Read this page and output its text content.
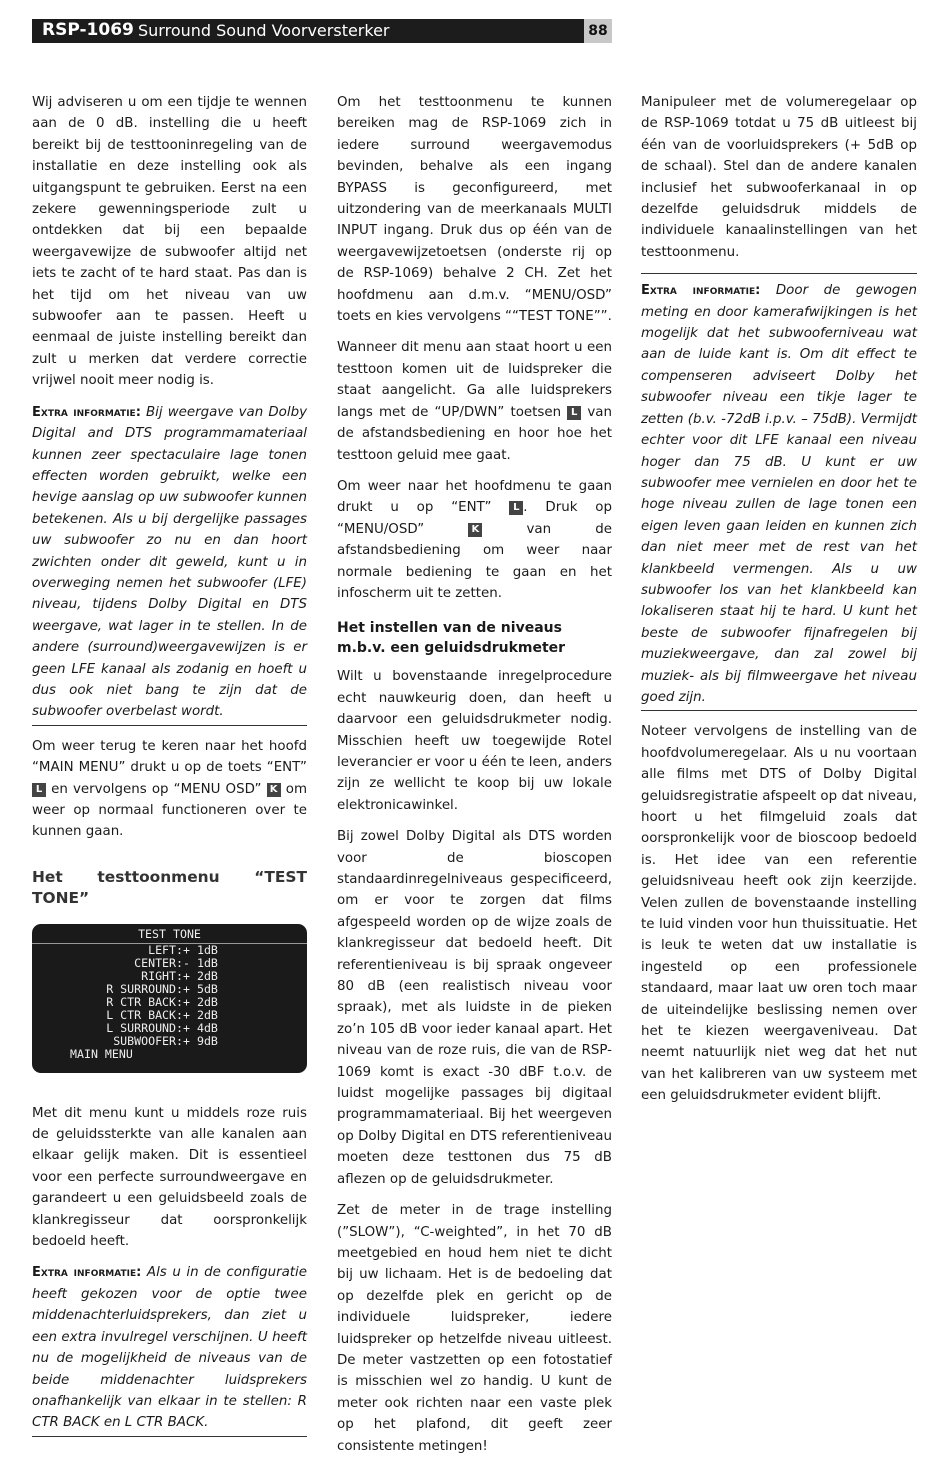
RSP-1069 Surround Sound Voorversterker	88

Wij adviseren u om een tijdje te wennen aan de 0 dB. instelling die u heeft bereikt bij de testtooninregeling van de installatie en deze instelling ook als uitgangspunt te gebruiken. Eerst na een zekere gewenningsperiode zult u ontdekken dat bij een bepaalde weergavewijze de subwoofer altijd net iets te zacht of te hard staat. Pas dan is het tijd om het niveau van uw subwoofer aan te passen. Heeft u eenmaal de juiste instelling bereikt dan zult u merken dat verdere correctie vrijwel nooit meer nodig is.

Extra informatie: Bij weergave van Dolby Digital and DTS programmamateriaal kunnen zeer spectaculaire lage tonen effecten worden gebruikt, welke een hevige aanslag op uw subwoofer kunnen betekenen. Als u bij dergelijke passages uw subwoofer zo nu en dan hoort zwichten onder dit geweld, kunt u in overweging nemen het subwoofer (LFE) niveau, tijdens Dolby Digital en DTS weergave, wat lager in te stellen. In de andere (surround)weergavewijzen is er geen LFE kanaal als zodanig en hoeft u dus ook niet bang te zijn dat de subwoofer overbelast wordt.

Om weer terug te keren naar het hoofd “MAIN MENU” drukt u op de toets “ENT” L en vervolgens op “MENU OSD” K om weer op normaal functioneren over te kunnen gaan.

Het testtoonmenu “TEST TONE”
TEST TONE
LEFT: + 1dB
CENTER: - 1dB
RIGHT: + 2dB
R SURROUND: + 5dB
R CTR BACK: + 2dB
L CTR BACK: + 2dB
L SURROUND: + 4dB
SUBWOOFER: + 9dB
MAIN MENU

Met dit menu kunt u middels roze ruis de geluidssterkte van alle kanalen aan elkaar gelijk maken. Dit is essentieel voor een perfecte surroundweergave en garandeert u een geluidsbeeld zoals de klankregisseur dat oorspronkelijk bedoeld heeft.

Extra informatie: Als u in de configuratie heeft gekozen voor de optie twee middenachterluidsprekers, dan ziet u een extra invulregel verschijnen. U heeft nu de mogelijkheid de niveaus van de beide middenachter luidsprekers onafhankelijk van elkaar in te stellen: R CTR BACK en L CTR BACK.

Om het testtoonmenu te kunnen bereiken mag de RSP-1069 zich in iedere surround weergavemodus bevinden, behalve als een ingang BYPASS is geconfigureerd, met uitzondering van de meerkanaals MULTI INPUT ingang. Druk dus op één van de weergavewijzetoetsen (onderste rij op de RSP-1069) behalve 2 CH. Zet het hoofdmenu aan d.m.v. “MENU/OSD” toets en kies vervolgens ““TEST TONE””.

Wanneer dit menu aan staat hoort u een testtoon komen uit de luidspreker die staat aangelicht. Ga alle luidsprekers langs met de “UP/DWN” toetsen L van de afstandsbediening en hoor hoe het testtoon geluid mee gaat.

Om weer naar het hoofdmenu te gaan drukt u op “ENT” L . Druk op “MENU/OSD”	K	van de afstandsbediening om weer naar normale bediening te gaan en het infoscherm uit te zetten.

Het instellen van de niveaus m.b.v. een geluidsdrukmeter

Wilt u bovenstaande inregelprocedure echt nauwkeurig doen, dan heeft u daarvoor een geluidsdrukmeter nodig. Misschien heeft uw toegewijde Rotel leverancier er voor u één te leen, anders zijn ze wellicht te koop bij uw lokale elektronicawinkel.

Bij zowel Dolby Digital als DTS worden voor de bioscopen standaardinregelniveaus gespecificeerd, om er voor te zorgen dat films afgespeeld worden op de wijze zoals de klankregisseur dat bedoeld heeft. Dit referentieniveau is bij spraak ongeveer 80 dB (een realistisch niveau voor spraak), met als luidste in de pieken zo’n 105 dB voor ieder kanaal apart. Het niveau van de roze ruis, die van de RSP-1069 komt is exact -30 dBF t.o.v. de luidst mogelijke passages bij digitaal programmamateriaal. Bij het weergeven op Dolby Digital en DTS referentieniveau moeten deze testtonen dus 75 dB aflezen op de geluidsdrukmeter.

Zet de meter in de trage instelling (”SLOW”), “C-weighted”, in het 70 dB meetgebied en houd hem niet te dicht bij uw lichaam. Het is de bedoeling dat op dezelfde plek en gericht op de individuele luidspreker, iedere luidspreker op hetzelfde niveau uitleest. De meter vastzetten op een fotostatief is misschien wel zo handig. U kunt de meter ook richten naar een vaste plek op het plafond, dit geeft zeer consistente metingen!

Manipuleer met de volumeregelaar op de RSP-1069 totdat u 75 dB uitleest bij één van de voorluidsprekers (+ 5dB op de schaal). Stel dan de andere kanalen inclusief het subwooferkanaal in op dezelfde geluidsdruk middels de individuele kanaalinstellingen van het testtoonmenu.

Extra informatie: Door de gewogen meting en door kamerafwijkingen is het mogelijk dat het subwooferniveau wat aan de luide kant is. Om dit effect te compenseren adviseert Dolby het subwoofer niveau een tikje lager te zetten (b.v. -72dB i.p.v. – 75dB). Vermijdt echter voor dit LFE kanaal een niveau hoger dan 75 dB. U kunt er uw subwoofer mee vernielen en door het te hoge niveau zullen de lage tonen een eigen leven gaan leiden en kunnen zich dan niet meer met de rest van het klankbeeld vermengen. Als u uw subwoofer los van het klankbeeld kan lokaliseren staat hij te hard. U kunt het beste de subwoofer fijnafregelen bij muziekweergave, dan zal zowel bij muziek- als bij filmweergave het niveau goed zijn.

Noteer vervolgens de instelling van de hoofdvolumeregelaar. Als u nu voortaan alle films met DTS of Dolby Digital geluidsregistratie afspeelt op dat niveau, hoort u het filmgeluid zoals dat oorspronkelijk voor de bioscoop bedoeld is. Het idee van een referentie geluidsniveau heeft ook zijn keerzijde. Velen zullen de bovenstaande instelling te luid vinden voor hun thuissituatie. Het is leuk te weten dat uw installatie is ingesteld op een professionele standaard, maar laat uw oren toch maar de uiteindelijke beslissing nemen over het te kiezen weergaveniveau. Dat neemt natuurlijk niet weg dat het nut van het kalibreren van uw systeem met een geluidsdrukmeter evident blijft.
